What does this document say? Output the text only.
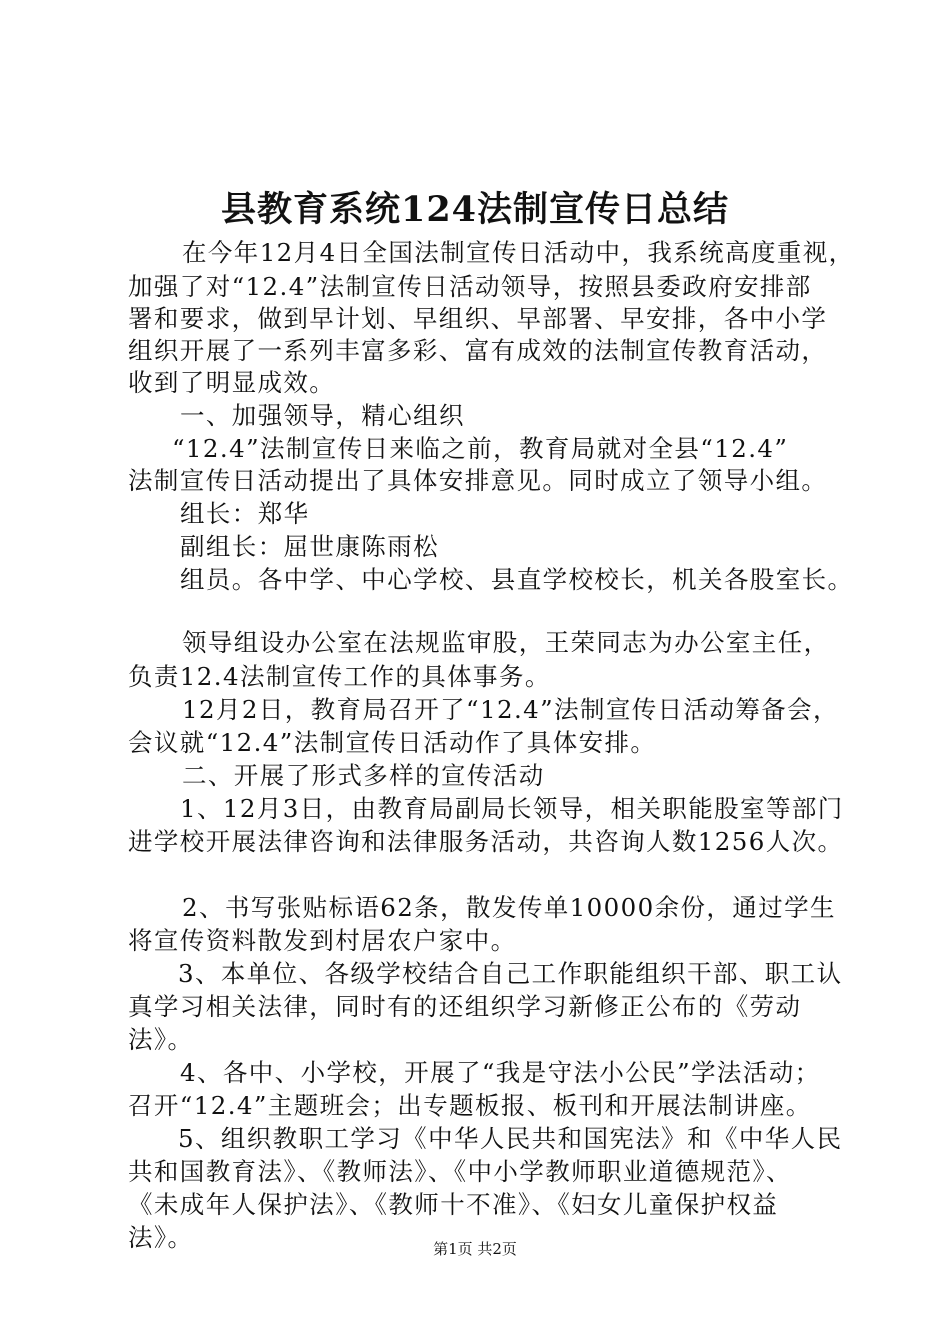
县教育系统124法制宣传日总结
在今年12月4日全国法制宣传日活动中，我系统高度重视，
加强了对“12.4”法制宣传日活动领导，按照县委政府安排部
署和要求，做到早计划、早组织、早部署、早安排，各中小学
组织开展了一系列丰富多彩、富有成效的法制宣传教育活动，
收到了明显成效。
一、加强领导，精心组织
“12.4”法制宣传日来临之前，教育局就对全县“12.4”
法制宣传日活动提出了具体安排意见。同时成立了领导小组。
组长：郑华
副组长：屈世康陈雨松
组员。各中学、中心学校、县直学校校长，机关各股室长。
领导组设办公室在法规监审股，王荣同志为办公室主任，
负责12.4法制宣传工作的具体事务。
12月2日，教育局召开了“12.4”法制宣传日活动筹备会，
会议就“12.4”法制宣传日活动作了具体安排。
二、开展了形式多样的宣传活动
1、12月3日，由教育局副局长领导，相关职能股室等部门
进学校开展法律咨询和法律服务活动，共咨询人数1256人次。
2、书写张贴标语62条，散发传单10000余份，通过学生
将宣传资料散发到村居农户家中。
3、本单位、各级学校结合自己工作职能组织干部、职工认
真学习相关法律，同时有的还组织学习新修正公布的《劳动
法》。
4、各中、小学校，开展了“我是守法小公民”学法活动；
召开“12.4”主题班会；出专题板报、板刊和开展法制讲座。
5、组织教职工学习《中华人民共和国宪法》和《中华人民
共和国教育法》、《教师法》、《中小学教师职业道德规范》、
《未成年人保护法》、《教师十不准》、《妇女儿童保护权益
法》。	第1页 共2页
